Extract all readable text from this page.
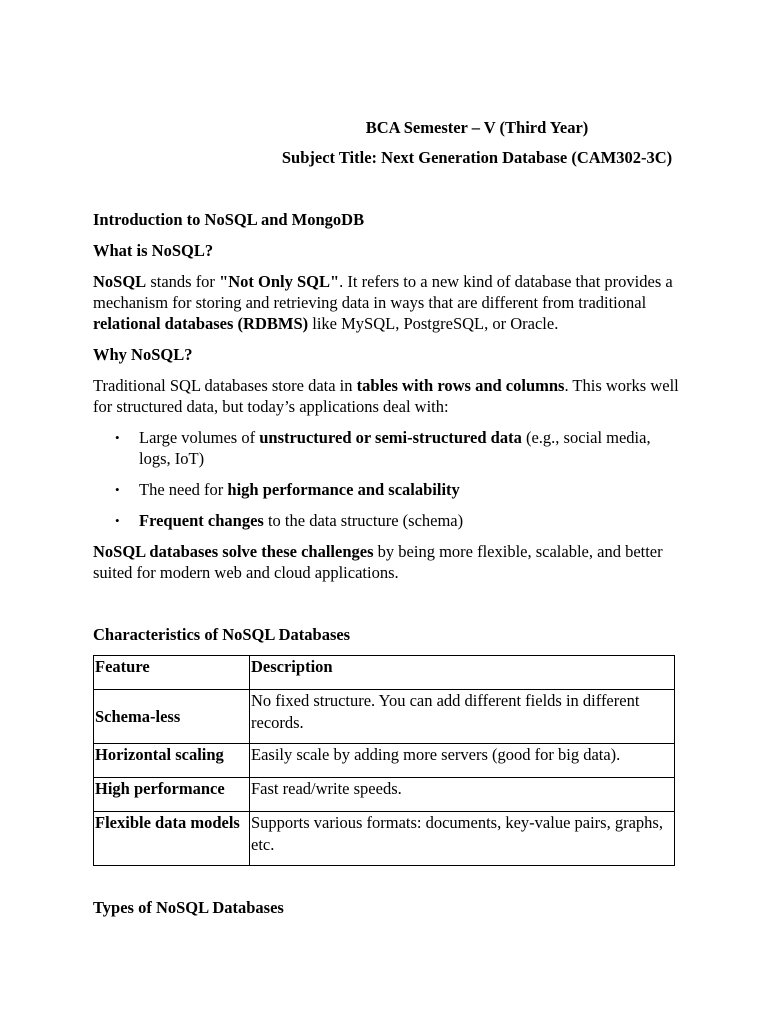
BCA Semester – V (Third Year)

Subject Title: Next Generation Database (CAM302-3C)

Introduction to NoSQL and MongoDB

What is NoSQL?

NoSQL stands for "Not Only SQL". It refers to a new kind of database that provides a mechanism for storing and retrieving data in ways that are different from traditional relational databases (RDBMS) like MySQL, PostgreSQL, or Oracle.

Why NoSQL?

Traditional SQL databases store data in tables with rows and columns. This works well for structured data, but today’s applications deal with:

• Large volumes of unstructured or semi-structured data (e.g., social media, logs, IoT)
• The need for high performance and scalability
• Frequent changes to the data structure (schema)

NoSQL databases solve these challenges by being more flexible, scalable, and better suited for modern web and cloud applications.

Characteristics of NoSQL Databases

Feature	Description
Schema-less	No fixed structure. You can add different fields in different records.
Horizontal scaling	Easily scale by adding more servers (good for big data).
High performance	Fast read/write speeds.
Flexible data models	Supports various formats: documents, key-value pairs, graphs, etc.

Types of NoSQL Databases
